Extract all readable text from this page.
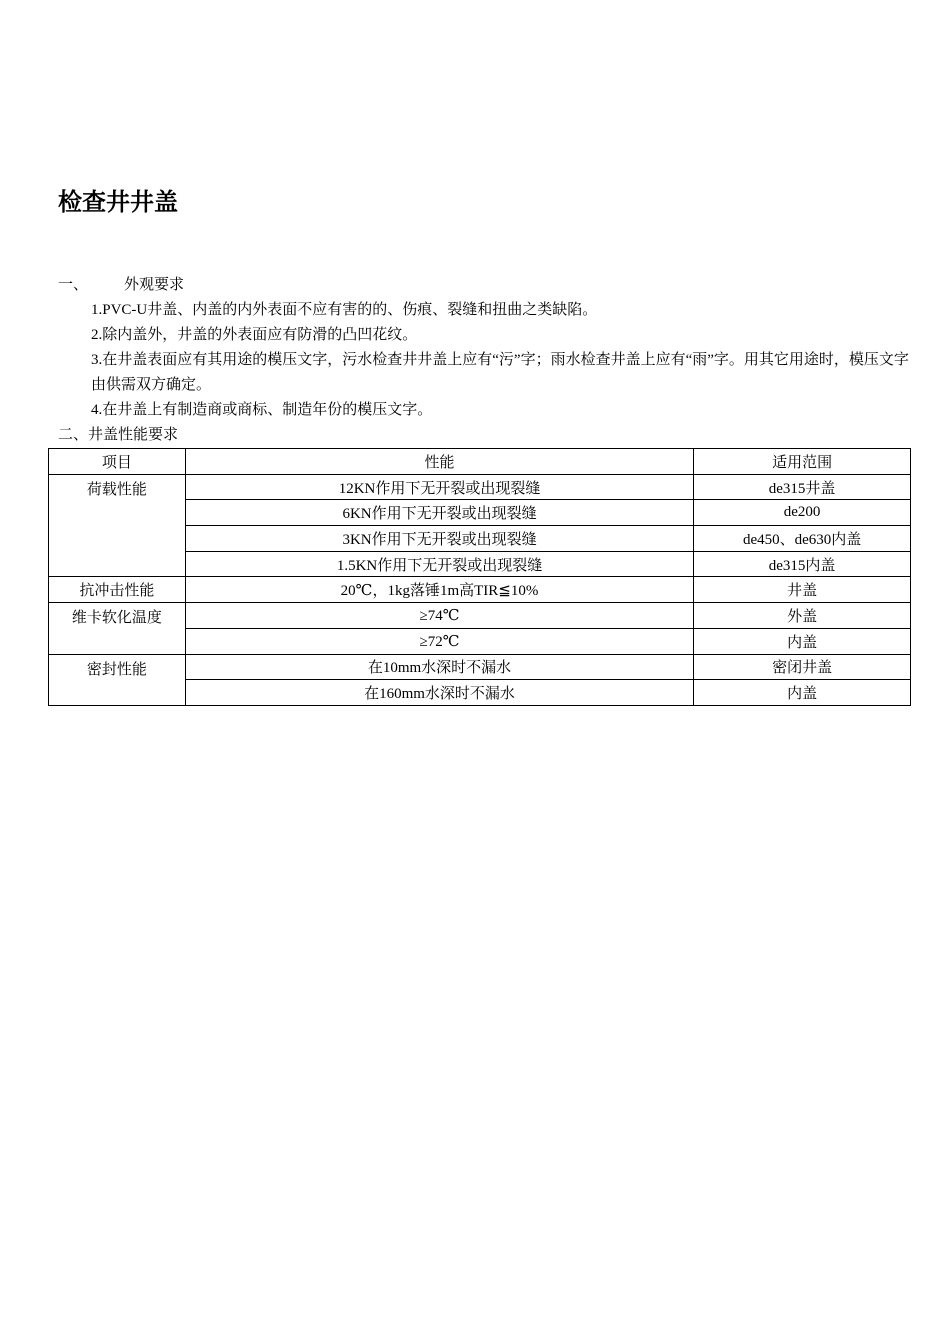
检查井井盖
一、 外观要求
1.PVC-U井盖、内盖的内外表面不应有害的的、伤痕、裂缝和扭曲之类缺陷。
2.除内盖外，井盖的外表面应有防滑的凸凹花纹。
3.在井盖表面应有其用途的模压文字，污水检查井井盖上应有“污”字；雨水检查井盖上应有“雨”字。用其它用途时，模压文字由供需双方确定。
4.在井盖上有制造商或商标、制造年份的模压文字。
二、井盖性能要求
项目	性能	适用范围
荷载性能	12KN作用下无开裂或出现裂缝	de315井盖
	6KN作用下无开裂或出现裂缝	de200
	3KN作用下无开裂或出现裂缝	de450、de630内盖
	1.5KN作用下无开裂或出现裂缝	de315内盖
抗冲击性能	20℃，1kg落锤1m高TIR≦10%	井盖
维卡软化温度	≥74℃	外盖
	≥72℃	内盖
密封性能	在10mm水深时不漏水	密闭井盖
	在160mm水深时不漏水	内盖
